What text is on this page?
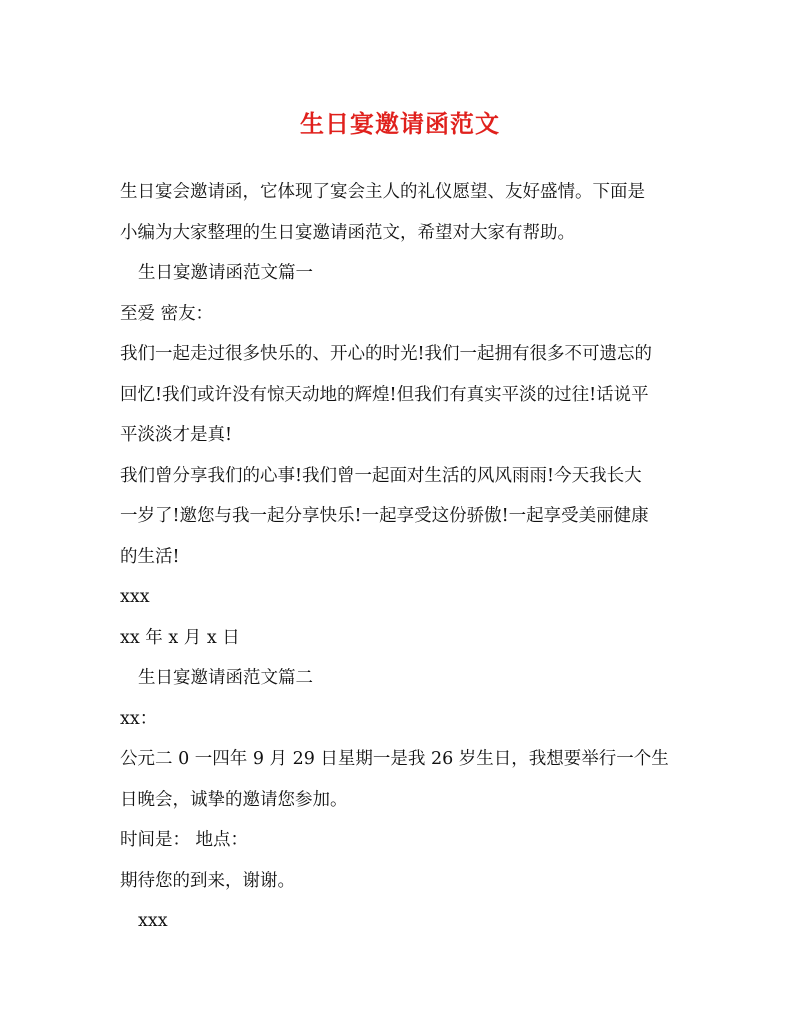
生日宴邀请函范文

生日宴会邀请函，它体现了宴会主人的礼仪愿望、友好盛情。下面是

小编为大家整理的生日宴邀请函范文，希望对大家有帮助。

生日宴邀请函范文篇一

至爱 密友：

我们一起走过很多快乐的、开心的时光!我们一起拥有很多不可遗忘的

回忆!我们或许没有惊天动地的辉煌!但我们有真实平淡的过往!话说平

平淡淡才是真!

我们曾分享我们的心事!我们曾一起面对生活的风风雨雨!今天我长大

一岁了!邀您与我一起分享快乐!一起享受这份骄傲!一起享受美丽健康

的生活!

xxx

xx 年 x 月 x 日

生日宴邀请函范文篇二

xx：

公元二 0 一四年 9 月 29 日星期一是我 26 岁生日，我想要举行一个生

日晚会，诚挚的邀请您参加。

时间是： 地点：

期待您的到来，谢谢。

xxx
